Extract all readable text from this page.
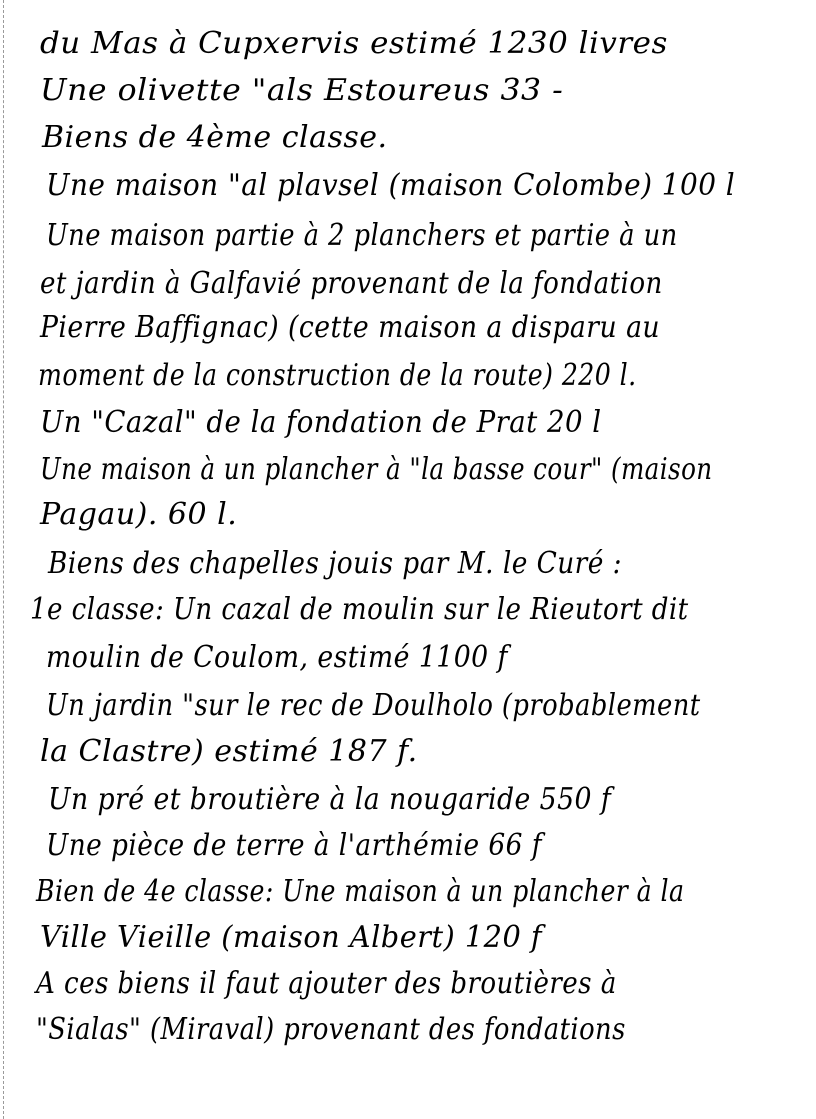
du Mas à Cupxervis estimé 1230 livres
Une olivette "als Estoureus 33 -
Biens de 4ème classe.
Une maison "al plavsel (maison Colombe) 100 l
Une maison partie à 2 planchers et partie à un
et jardin à Galfavié provenant de la fondation
Pierre Baffignac) (cette maison a disparu au
moment de la construction de la route) 220 l.
Un "Cazal" de la fondation de Prat 20 l
Une maison à un plancher à "la basse cour" (maison
Pagau). 60 l.
Biens des chapelles jouis par M. le Curé :
1e classe: Un cazal de moulin sur le Rieutort dit
moulin de Coulom, estimé 1100 f
Un jardin "sur le rec de Doulholo (probablement
la Clastre) estimé 187 f.
Un pré et broutière à la nougaride 550 f
Une pièce de terre à l'arthémie 66 f
Bien de 4e classe: Une maison à un plancher à la
Ville Vieille (maison Albert) 120 f
A ces biens il faut ajouter des broutières à
"Sialas" (Miraval) provenant des fondations
